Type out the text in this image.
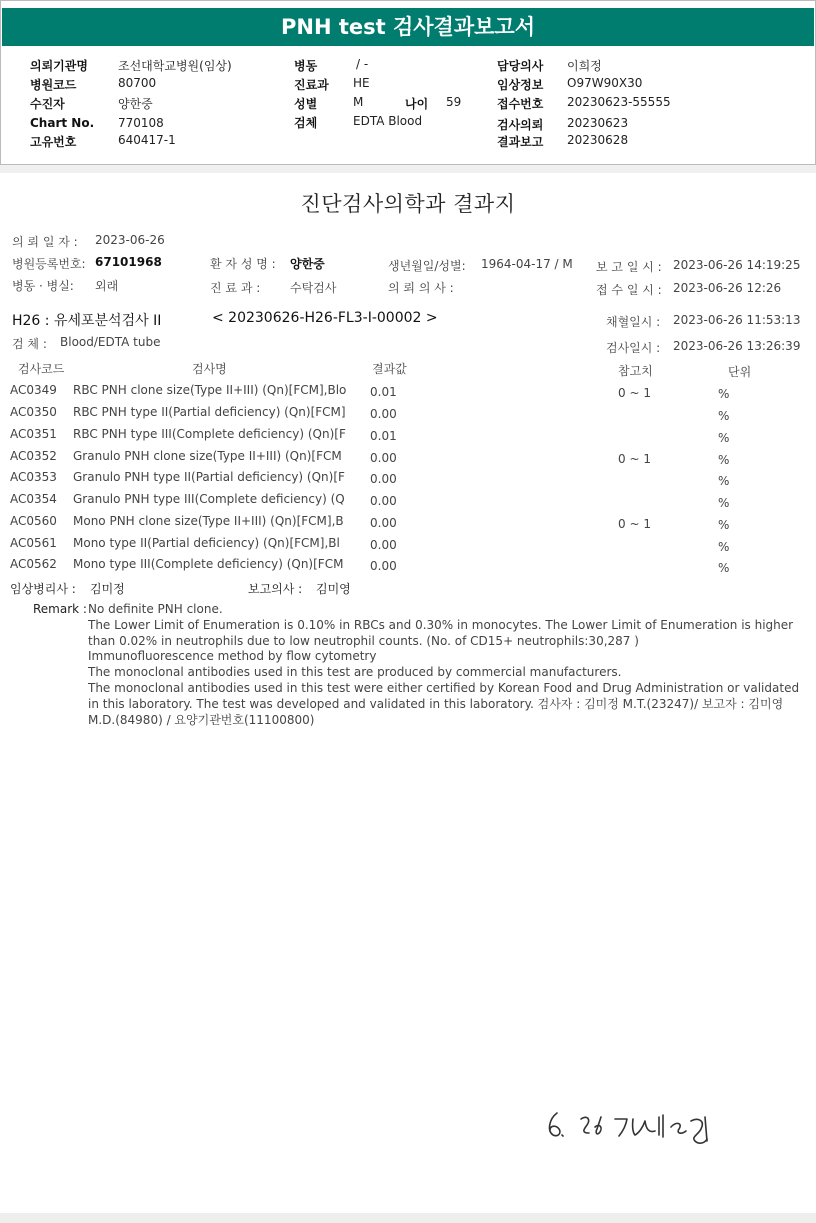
PNH test 검사결과보고서
의뢰기관명	조선대학교병원(임상)
병원코드	80700
수진자	양한중
Chart No. 770108
고유번호	640417-1
병동	/ -
진료과 HE
성별	M	나이 59
검체	EDTA Blood
담당의사 이희정
임상정보 O97W90X30
접수번호 20230623-55555
검사의뢰 20230623
결과보고 20230628
진단검사의학과 결과지
의 뢰 일 자 : 2023-06-26
병원등록번호: 67101968	환 자 성 명 : 양한중	생년월일/성별: 1964-04-17 / M 보 고 일 시 : 2023-06-26 14:19:25
병동 · 병실: 외래	진 료 과 : 수탁검사	의 뢰 의 사 :	접 수 일 시 : 2023-06-26 12:26
H26 : 유세포분석검사 II	< 20230626-H26-FL3-I-00002 >	채혈일시 : 2023-06-26 11:53:13
검 체 : Blood/EDTA tube	검사일시 : 2023-06-26 13:26:39
검사코드	검사명	결과값	참고치	단위
AC0349 RBC PNH clone size(Type II+III) (Qn)[FCM],Blo	0.01	0 ~ 1	%
AC0350 RBC PNH type II(Partial deficiency) (Qn)[FCM]	0.00	%
AC0351 RBC PNH type III(Complete deficiency) (Qn)[F	0.01	%
AC0352 Granulo PNH clone size(Type II+III) (Qn)[FCM	0.00	0 ~ 1	%
AC0353 Granulo PNH type II(Partial deficiency) (Qn)[F	0.00	%
AC0354 Granulo PNH type III(Complete deficiency) (Q	0.00	%
AC0560 Mono PNH clone size(Type II+III) (Qn)[FCM],B	0.00	0 ~ 1	%
AC0561 Mono type II(Partial deficiency) (Qn)[FCM],Bl	0.00	%
AC0562 Mono type III(Complete deficiency) (Qn)[FCM	0.00	%
임상병리사 : 김미정	보고의사 : 김미영
Remark : No definite PNH clone.

The Lower Limit of Enumeration is 0.10% in RBCs and 0.30% in monocytes. The Lower Limit of Enumeration is higher than 0.02% in neutrophils due to low neutrophil counts. (No. of CD15+ neutrophils:30,287 )

Immunofluorescence method by flow cytometry

The monoclonal antibodies used in this test are produced by commercial manufacturers.

The monoclonal antibodies used in this test were either certified by Korean Food and Drug Administration or validated in this laboratory. The test was developed and validated in this laboratory. 검사자 : 김미정 M.T.(23247)/ 보고자 : 김미영 M.D.(84980) / 요양기관번호(11100800)
